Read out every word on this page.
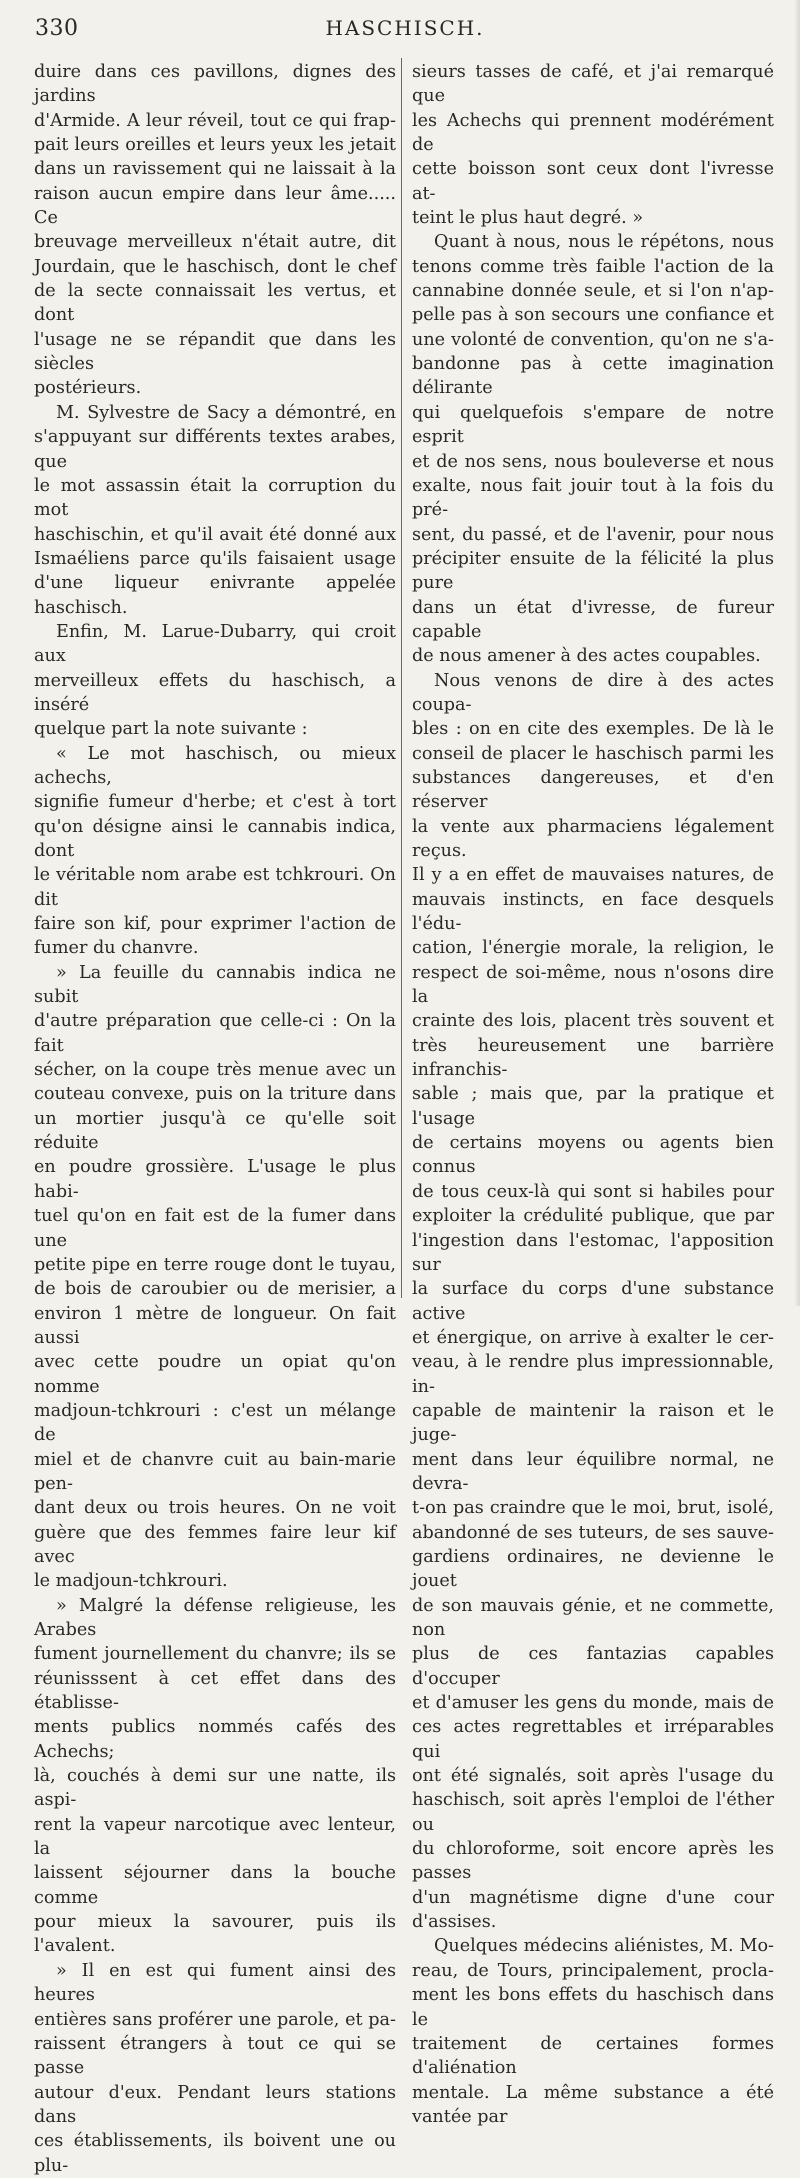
330	HASCHISCH.

duire dans ces pavillons, dignes des jardins

d'Armide. A leur réveil, tout ce qui frap-

pait leurs oreilles et leurs yeux les jetait

dans un ravissement qui ne laissait à la

raison aucun empire dans leur âme..... Ce

breuvage merveilleux n'était autre, dit

Jourdain, que le haschisch, dont le chef

de la secte connaissait les vertus, et dont

l'usage ne se répandit que dans les siècles

postérieurs.

M. Sylvestre de Sacy a démontré, en

s'appuyant sur différents textes arabes, que

le mot assassin était la corruption du mot

haschischin, et qu'il avait été donné aux

Ismaéliens parce qu'ils faisaient usage

d'une liqueur enivrante appelée haschisch.

Enfin, M. Larue-Dubarry, qui croit aux

merveilleux effets du haschisch, a inséré

quelque part la note suivante :

« Le mot haschisch, ou mieux achechs,

signifie fumeur d'herbe; et c'est à tort

qu'on désigne ainsi le cannabis indica, dont

le véritable nom arabe est tchkrouri. On dit

faire son kif, pour exprimer l'action de

fumer du chanvre.

» La feuille du cannabis indica ne subit

d'autre préparation que celle-ci : On la fait

sécher, on la coupe très menue avec un

couteau convexe, puis on la triture dans

un mortier jusqu'à ce qu'elle soit réduite

en poudre grossière. L'usage le plus habi-

tuel qu'on en fait est de la fumer dans une

petite pipe en terre rouge dont le tuyau,

de bois de caroubier ou de merisier, a

environ 1 mètre de longueur. On fait aussi

avec cette poudre un opiat qu'on nomme

madjoun-tchkrouri : c'est un mélange de

miel et de chanvre cuit au bain-marie pen-

dant deux ou trois heures. On ne voit

guère que des femmes faire leur kif avec

le madjoun-tchkrouri.

» Malgré la défense religieuse, les Arabes

fument journellement du chanvre; ils se

réunisssent à cet effet dans des établisse-

ments publics nommés cafés des Achechs;

là, couchés à demi sur une natte, ils aspi-

rent la vapeur narcotique avec lenteur, la

laissent séjourner dans la bouche comme

pour mieux la savourer, puis ils l'avalent.

» Il en est qui fument ainsi des heures

entières sans proférer une parole, et pa-

raissent étrangers à tout ce qui se passe

autour d'eux. Pendant leurs stations dans

ces établissements, ils boivent une ou plu-

sieurs tasses de café, et j'ai remarqué que

les Achechs qui prennent modérément de

cette boisson sont ceux dont l'ivresse at-

teint le plus haut degré. »

Quant à nous, nous le répétons, nous

tenons comme très faible l'action de la

cannabine donnée seule, et si l'on n'ap-

pelle pas à son secours une confiance et

une volonté de convention, qu'on ne s'a-

bandonne pas à cette imagination délirante

qui quelquefois s'empare de notre esprit

et de nos sens, nous bouleverse et nous

exalte, nous fait jouir tout à la fois du pré-

sent, du passé, et de l'avenir, pour nous

précipiter ensuite de la félicité la plus pure

dans un état d'ivresse, de fureur capable

de nous amener à des actes coupables.

Nous venons de dire à des actes coupa-

bles : on en cite des exemples. De là le

conseil de placer le haschisch parmi les

substances dangereuses, et d'en réserver

la vente aux pharmaciens légalement reçus.

Il y a en effet de mauvaises natures, de

mauvais instincts, en face desquels l'édu-

cation, l'énergie morale, la religion, le

respect de soi-même, nous n'osons dire la

crainte des lois, placent très souvent et

très heureusement une barrière infranchis-

sable ; mais que, par la pratique et l'usage

de certains moyens ou agents bien connus

de tous ceux-là qui sont si habiles pour

exploiter la crédulité publique, que par

l'ingestion dans l'estomac, l'apposition sur

la surface du corps d'une substance active

et énergique, on arrive à exalter le cer-

veau, à le rendre plus impressionnable, in-

capable de maintenir la raison et le juge-

ment dans leur équilibre normal, ne devra-

t-on pas craindre que le moi, brut, isolé,

abandonné de ses tuteurs, de ses sauve-

gardiens ordinaires, ne devienne le jouet

de son mauvais génie, et ne commette, non

plus de ces fantazias capables d'occuper

et d'amuser les gens du monde, mais de

ces actes regrettables et irréparables qui

ont été signalés, soit après l'usage du

haschisch, soit après l'emploi de l'éther ou

du chloroforme, soit encore après les passes

d'un magnétisme digne d'une cour d'assises.

Quelques médecins aliénistes, M. Mo-

reau, de Tours, principalement, procla-

ment les bons effets du haschisch dans le

traitement de certaines formes d'aliénation

mentale. La même substance a été vantée par
